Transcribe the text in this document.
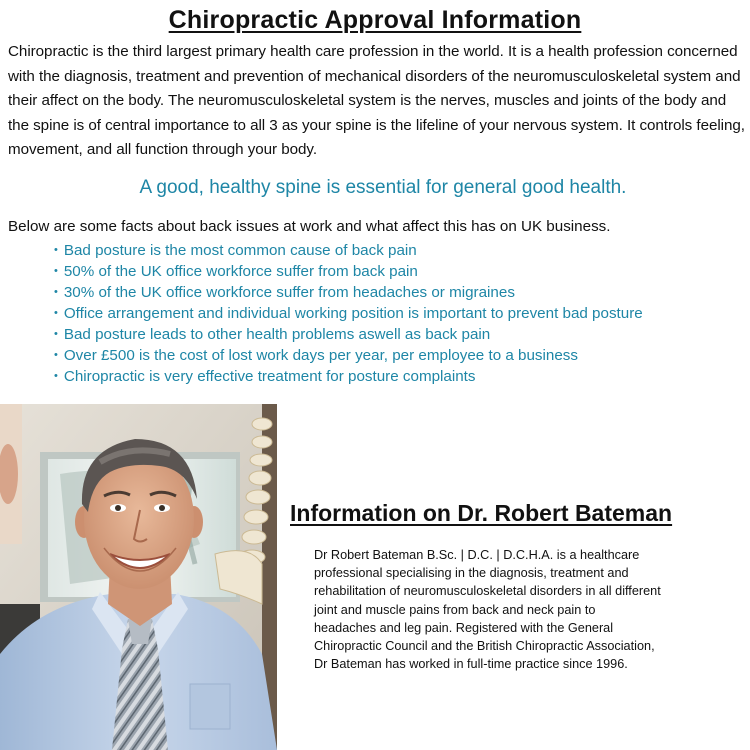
Chiropractic Approval Information

Chiropractic is the third largest primary health care profession in the world. It is a health profession concerned with the diagnosis, treatment and prevention of mechanical disorders of the neuromusculoskeletal system and their affect on the body. The neuromusculoskeletal system is the nerves, muscles and joints of the body and the spine is of central importance to all 3 as your spine is the lifeline of your nervous system. It controls feeling, movement, and all function through your body.

A good, healthy spine is essential for general good health.

Below are some facts about back issues at work and what affect this has on UK business.

• Bad posture is the most common cause of back pain
• 50% of the UK office workforce suffer from back pain
• 30% of the UK office workforce suffer from headaches or migraines
• Office arrangement and individual working position is important to prevent bad posture
• Bad posture leads to other health problems aswell as back pain
• Over £500 is the cost of lost work days per year, per employee to a business
• Chiropractic is very effective treatment for posture complaints
Information on Dr. Robert Bateman

Dr Robert Bateman B.Sc. | D.C. | D.C.H.A. is a healthcare
professional specialising in the diagnosis, treatment and
rehabilitation of neuromusculoskeletal disorders in all different
joint and muscle pains from back and neck pain to
headaches and leg pain. Registered with the General
Chiropractic Council and the British Chiropractic Association,
Dr Bateman has worked in full-time practice since 1996.
